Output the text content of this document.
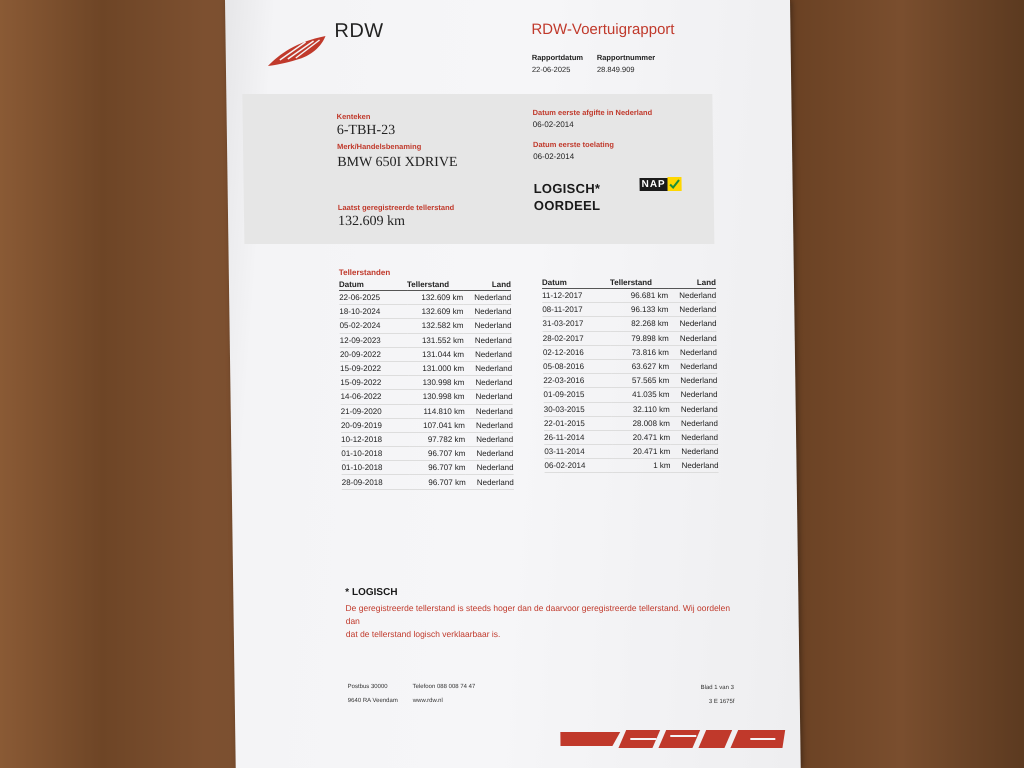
RDW	RDW-Voertuigrapport
Rapportdatum
22-06-2025
Rapportnummer
28.849.909
Kenteken
6-TBH-23
Merk/Handelsbenaming
BMW 650I XDRIVE
Laatst geregistreerde tellerstand
132.609 km
Datum eerste afgifte in Nederland
06-02-2014
Datum eerste toelating
06-02-2014
LOGISCH*
OORDEEL
NAP
Tellerstanden
Datum	Tellerstand	Land
22-06-2025	132.609 km	Nederland
18-10-2024	132.609 km	Nederland
05-02-2024	132.582 km	Nederland
12-09-2023	131.552 km	Nederland
20-09-2022	131.044 km	Nederland
15-09-2022	131.000 km	Nederland
15-09-2022	130.998 km	Nederland
14-06-2022	130.998 km	Nederland
21-09-2020	114.810 km	Nederland
20-09-2019	107.041 km	Nederland
10-12-2018	97.782 km	Nederland
01-10-2018	96.707 km	Nederland
01-10-2018	96.707 km	Nederland
28-09-2018	96.707 km	Nederland
Datum	Tellerstand	Land
11-12-2017	96.681 km	Nederland
08-11-2017	96.133 km	Nederland
31-03-2017	82.268 km	Nederland
28-02-2017	79.898 km	Nederland
02-12-2016	73.816 km	Nederland
05-08-2016	63.627 km	Nederland
22-03-2016	57.565 km	Nederland
01-09-2015	41.035 km	Nederland
30-03-2015	32.110 km	Nederland
22-01-2015	28.008 km	Nederland
26-11-2014	20.471 km	Nederland
03-11-2014	20.471 km	Nederland
06-02-2014	1 km	Nederland
* LOGISCH
De geregistreerde tellerstand is steeds hoger dan de daarvoor geregistreerde tellerstand. Wij oordelen dan
dat de tellerstand logisch verklaarbaar is.
Postbus 30000
9640 RA Veendam
Telefoon 088 008 74 47
www.rdw.nl
Blad 1 van 3
3 E 1675f
